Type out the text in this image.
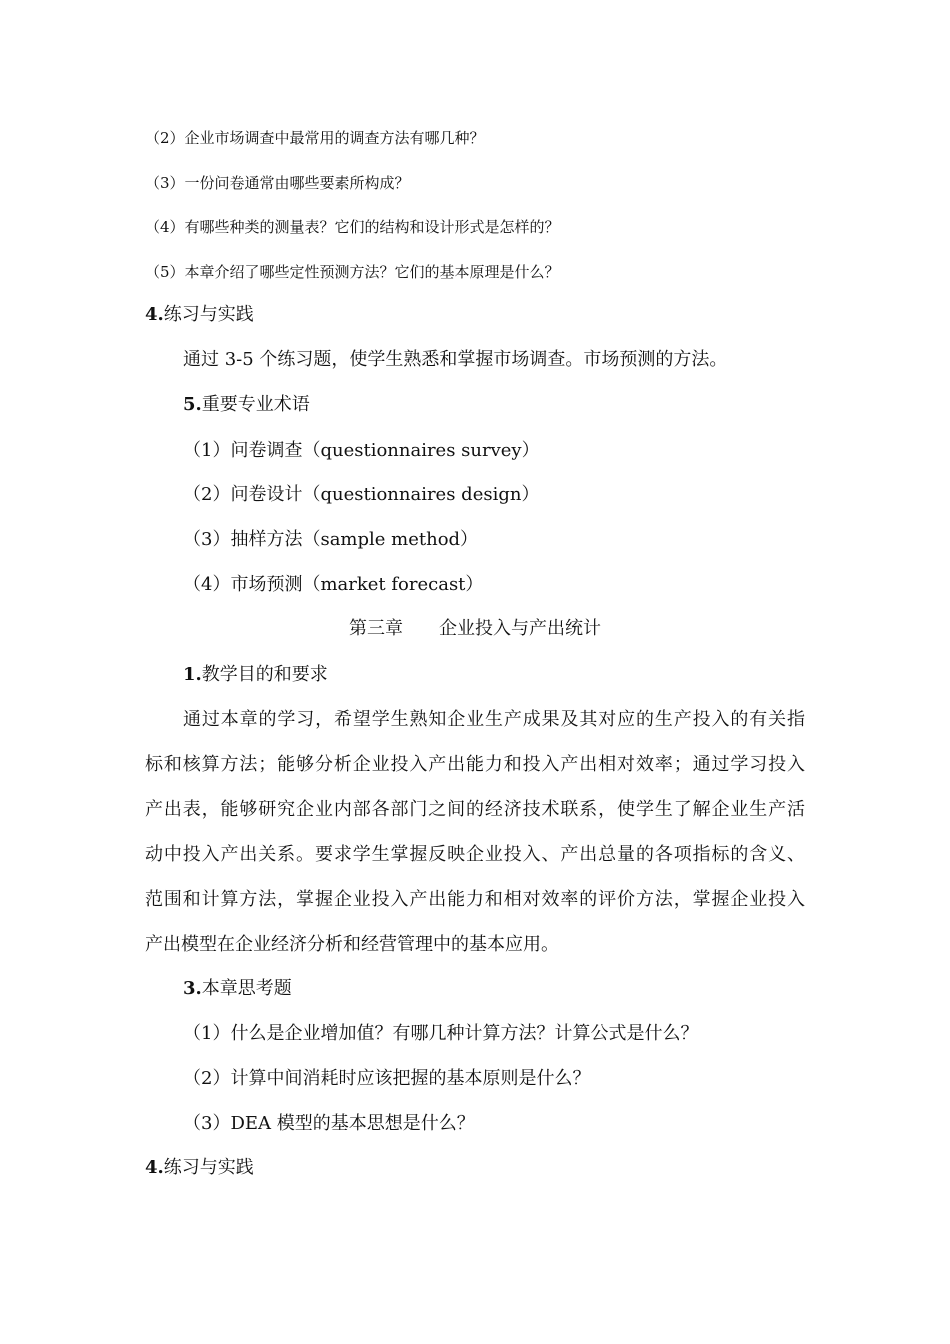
（2）企业市场调查中最常用的调查方法有哪几种？
（3）一份问卷通常由哪些要素所构成？
（4）有哪些种类的测量表？它们的结构和设计形式是怎样的？
（5）本章介绍了哪些定性预测方法？它们的基本原理是什么？
4.练习与实践
通过 3-5 个练习题，使学生熟悉和掌握市场调查。市场预测的方法。
5.重要专业术语
（1）问卷调查（questionnaires survey）
（2）问卷设计（questionnaires design）
（3）抽样方法（sample method）
（4）市场预测（market forecast）
第三章　　企业投入与产出统计
1.教学目的和要求
通过本章的学习，希望学生熟知企业生产成果及其对应的生产投入的有关指
标和核算方法；能够分析企业投入产出能力和投入产出相对效率；通过学习投入
产出表，能够研究企业内部各部门之间的经济技术联系，使学生了解企业生产活
动中投入产出关系。要求学生掌握反映企业投入、产出总量的各项指标的含义、
范围和计算方法，掌握企业投入产出能力和相对效率的评价方法，掌握企业投入
产出模型在企业经济分析和经营管理中的基本应用。
3.本章思考题
（1）什么是企业增加值？有哪几种计算方法？计算公式是什么？
（2）计算中间消耗时应该把握的基本原则是什么？
（3）DEA 模型的基本思想是什么？
4.练习与实践
